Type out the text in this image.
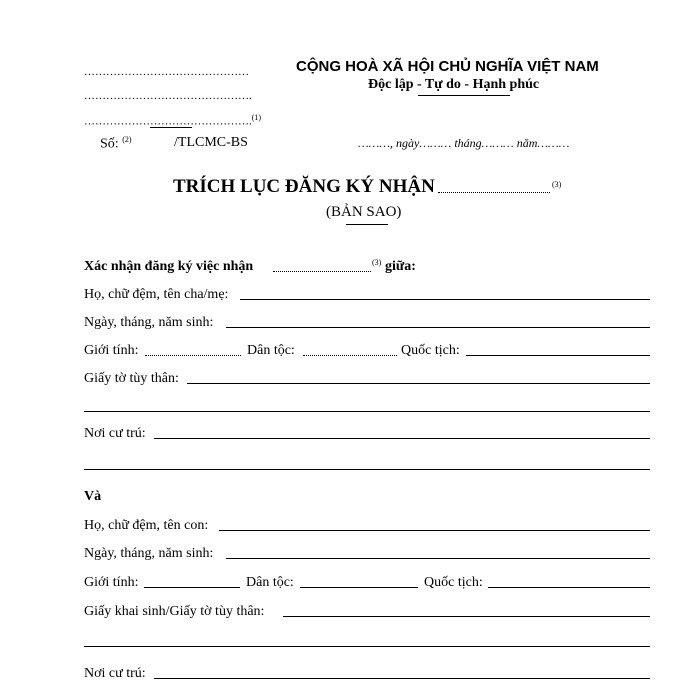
………………………………………
……………………………………….
……………………………………….$^{(1)}$
Số: $^{(2)}$	/TLCMC-BS
CỘNG HOÀ XÃ HỘI CHỦ NGHĨA VIỆT NAM
Độc lập - Tự do - Hạnh phúc
………, ngày……… tháng……… năm………
TRÍCH LỤC ĐĂNG KÝ NHẬN	(3)
(BẢN SAO)
Xác nhận đăng ký việc nhận	(3) giữa:
Họ, chữ đệm, tên cha/mẹ:
Ngày, tháng, năm sinh:
Giới tính:	Dân tộc:	Quốc tịch:
Giấy tờ tùy thân:
Nơi cư trú:
Và
Họ, chữ đệm, tên con:
Ngày, tháng, năm sinh:
Giới tính:	Dân tộc:	Quốc tịch:
Giấy khai sinh/Giấy tờ tùy thân:
Nơi cư trú:
